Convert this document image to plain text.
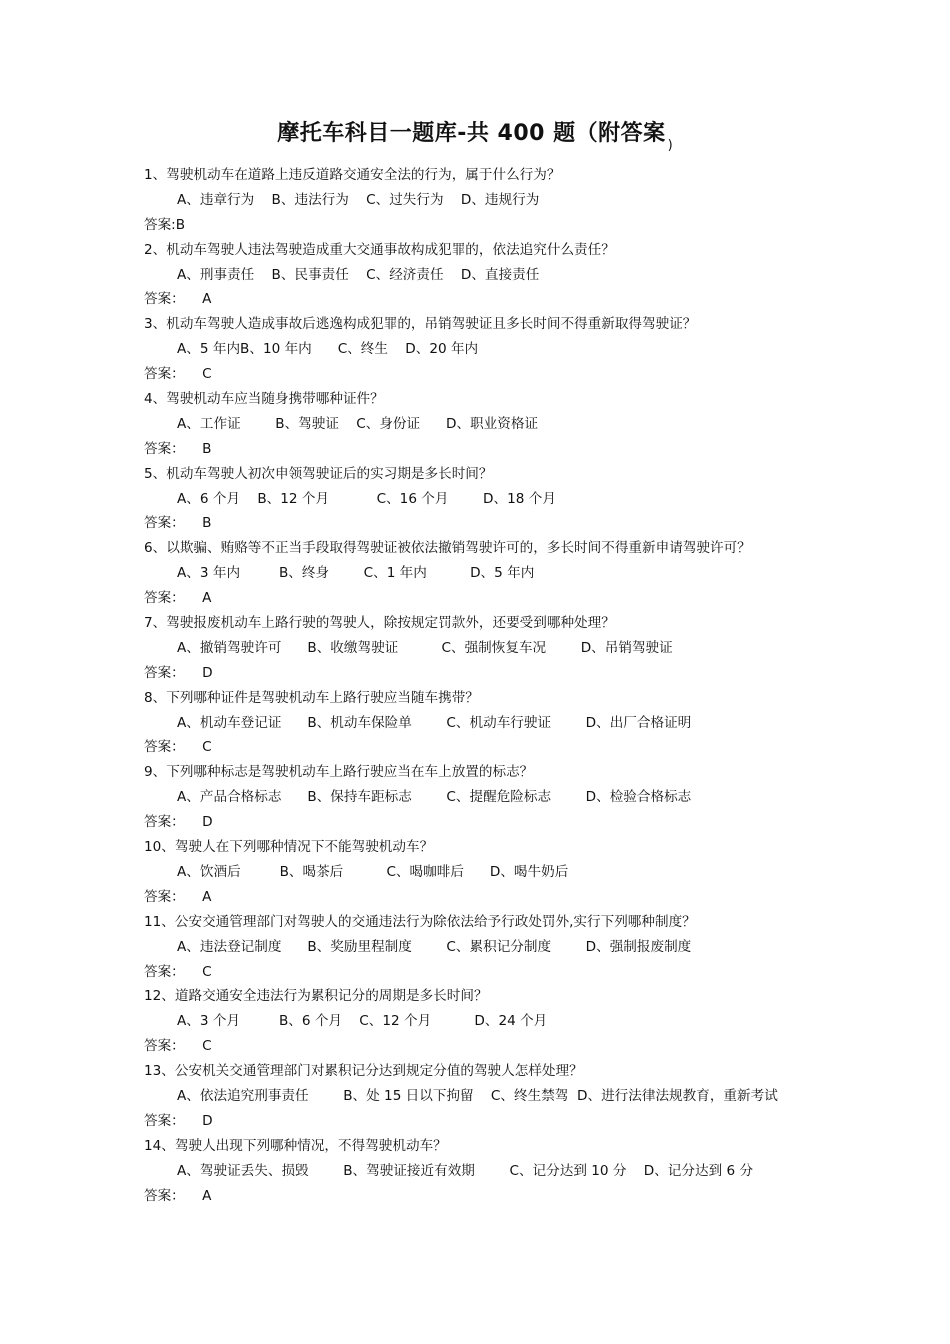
摩托车科目一题库-共 400 题（附答案 $_)$
1、驾驶机动车在道路上违反道路交通安全法的行为，属于什么行为？
A、违章行为    B、违法行为    C、过失行为    D、违规行为
答案:B
2、机动车驾驶人违法驾驶造成重大交通事故构成犯罪的，依法追究什么责任？
A、刑事责任    B、民事责任    C、经济责任    D、直接责任
答案：    A
3、机动车驾驶人造成事故后逃逸构成犯罪的，吊销驾驶证且多长时间不得重新取得驾驶证？
A、5 年内B、10 年内      C、终生    D、20 年内
答案：    C
4、驾驶机动车应当随身携带哪种证件？
A、工作证        B、驾驶证    C、身份证      D、职业资格证
答案：    B
5、机动车驾驶人初次申领驾驶证后的实习期是多长时间？
A、6 个月    B、12 个月           C、16 个月        D、18 个月
答案：    B
6、以欺骗、贿赂等不正当手段取得驾驶证被依法撤销驾驶许可的，多长时间不得重新申请驾驶许可？
A、3 年内         B、终身        C、1 年内          D、5 年内
答案：    A
7、驾驶报废机动车上路行驶的驾驶人，除按规定罚款外，还要受到哪种处理？
A、撤销驾驶许可      B、收缴驾驶证          C、强制恢复车况        D、吊销驾驶证
答案：    D
8、下列哪种证件是驾驶机动车上路行驶应当随车携带？
A、机动车登记证      B、机动车保险单        C、机动车行驶证        D、出厂合格证明
答案：    C
9、下列哪种标志是驾驶机动车上路行驶应当在车上放置的标志？
A、产品合格标志      B、保持车距标志        C、提醒危险标志        D、检验合格标志
答案：    D
10、驾驶人在下列哪种情况下不能驾驶机动车？
A、饮酒后         B、喝茶后          C、喝咖啡后      D、喝牛奶后
答案：    A
11、公安交通管理部门对驾驶人的交通违法行为除依法给予行政处罚外,实行下列哪种制度？
A、违法登记制度      B、奖励里程制度        C、累积记分制度        D、强制报废制度
答案：    C
12、道路交通安全违法行为累积记分的周期是多长时间？
A、3 个月         B、6 个月    C、12 个月          D、24 个月
答案：    C
13、公安机关交通管理部门对累积记分达到规定分值的驾驶人怎样处理？
A、依法追究刑事责任        B、处 15 日以下拘留    C、终生禁驾  D、进行法律法规教育，重新考试
答案：    D
14、驾驶人出现下列哪种情况，不得驾驶机动车？
A、驾驶证丢失、损毁        B、驾驶证接近有效期        C、记分达到 10 分    D、记分达到 6 分
答案：    A
